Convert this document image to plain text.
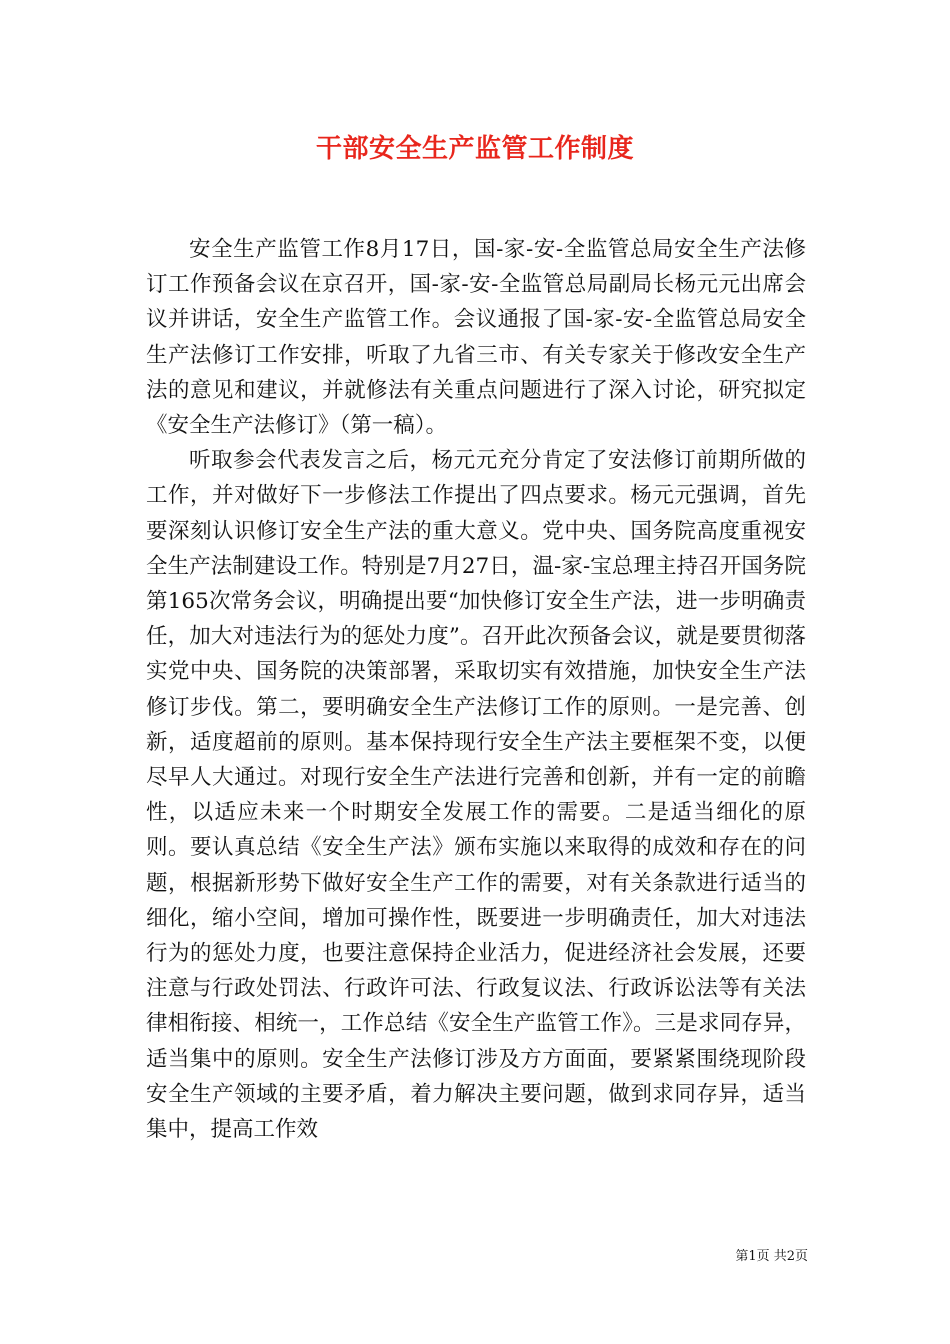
干部安全生产监管工作制度

安全生产监管工作8月17日，国-家-安-全监管总局安全生产法修订工作预备会议在京召开，国-家-安-全监管总局副局长杨元元出席会议并讲话，安全生产监管工作。会议通报了国-家-安-全监管总局安全生产法修订工作安排，听取了九省三市、有关专家关于修改安全生产法的意见和建议，并就修法有关重点问题进行了深入讨论，研究拟定《安全生产法修订》（第一稿）。

听取参会代表发言之后，杨元元充分肯定了安法修订前期所做的工作，并对做好下一步修法工作提出了四点要求。杨元元强调，首先要深刻认识修订安全生产法的重大意义。党中央、国务院高度重视安全生产法制建设工作。特别是7月27日，温-家-宝总理主持召开国务院第165次常务会议，明确提出要“加快修订安全生产法，进一步明确责任，加大对违法行为的惩处力度”。召开此次预备会议，就是要贯彻落实党中央、国务院的决策部署，采取切实有效措施，加快安全生产法修订步伐。第二，要明确安全生产法修订工作的原则。一是完善、创新，适度超前的原则。基本保持现行安全生产法主要框架不变，以便尽早人大通过。对现行安全生产法进行完善和创新，并有一定的前瞻性，以适应未来一个时期安全发展工作的需要。二是适当细化的原则。要认真总结《安全生产法》颁布实施以来取得的成效和存在的问题，根据新形势下做好安全生产工作的需要，对有关条款进行适当的细化，缩小空间，增加可操作性，既要进一步明确责任，加大对违法行为的惩处力度，也要注意保持企业活力，促进经济社会发展，还要注意与行政处罚法、行政许可法、行政复议法、行政诉讼法等有关法律相衔接、相统一，工作总结《安全生产监管工作》。三是求同存异，适当集中的原则。安全生产法修订涉及方方面面，要紧紧围绕现阶段安全生产领域的主要矛盾，着力解决主要问题，做到求同存异，适当集中，提高工作效

第1页 共2页
